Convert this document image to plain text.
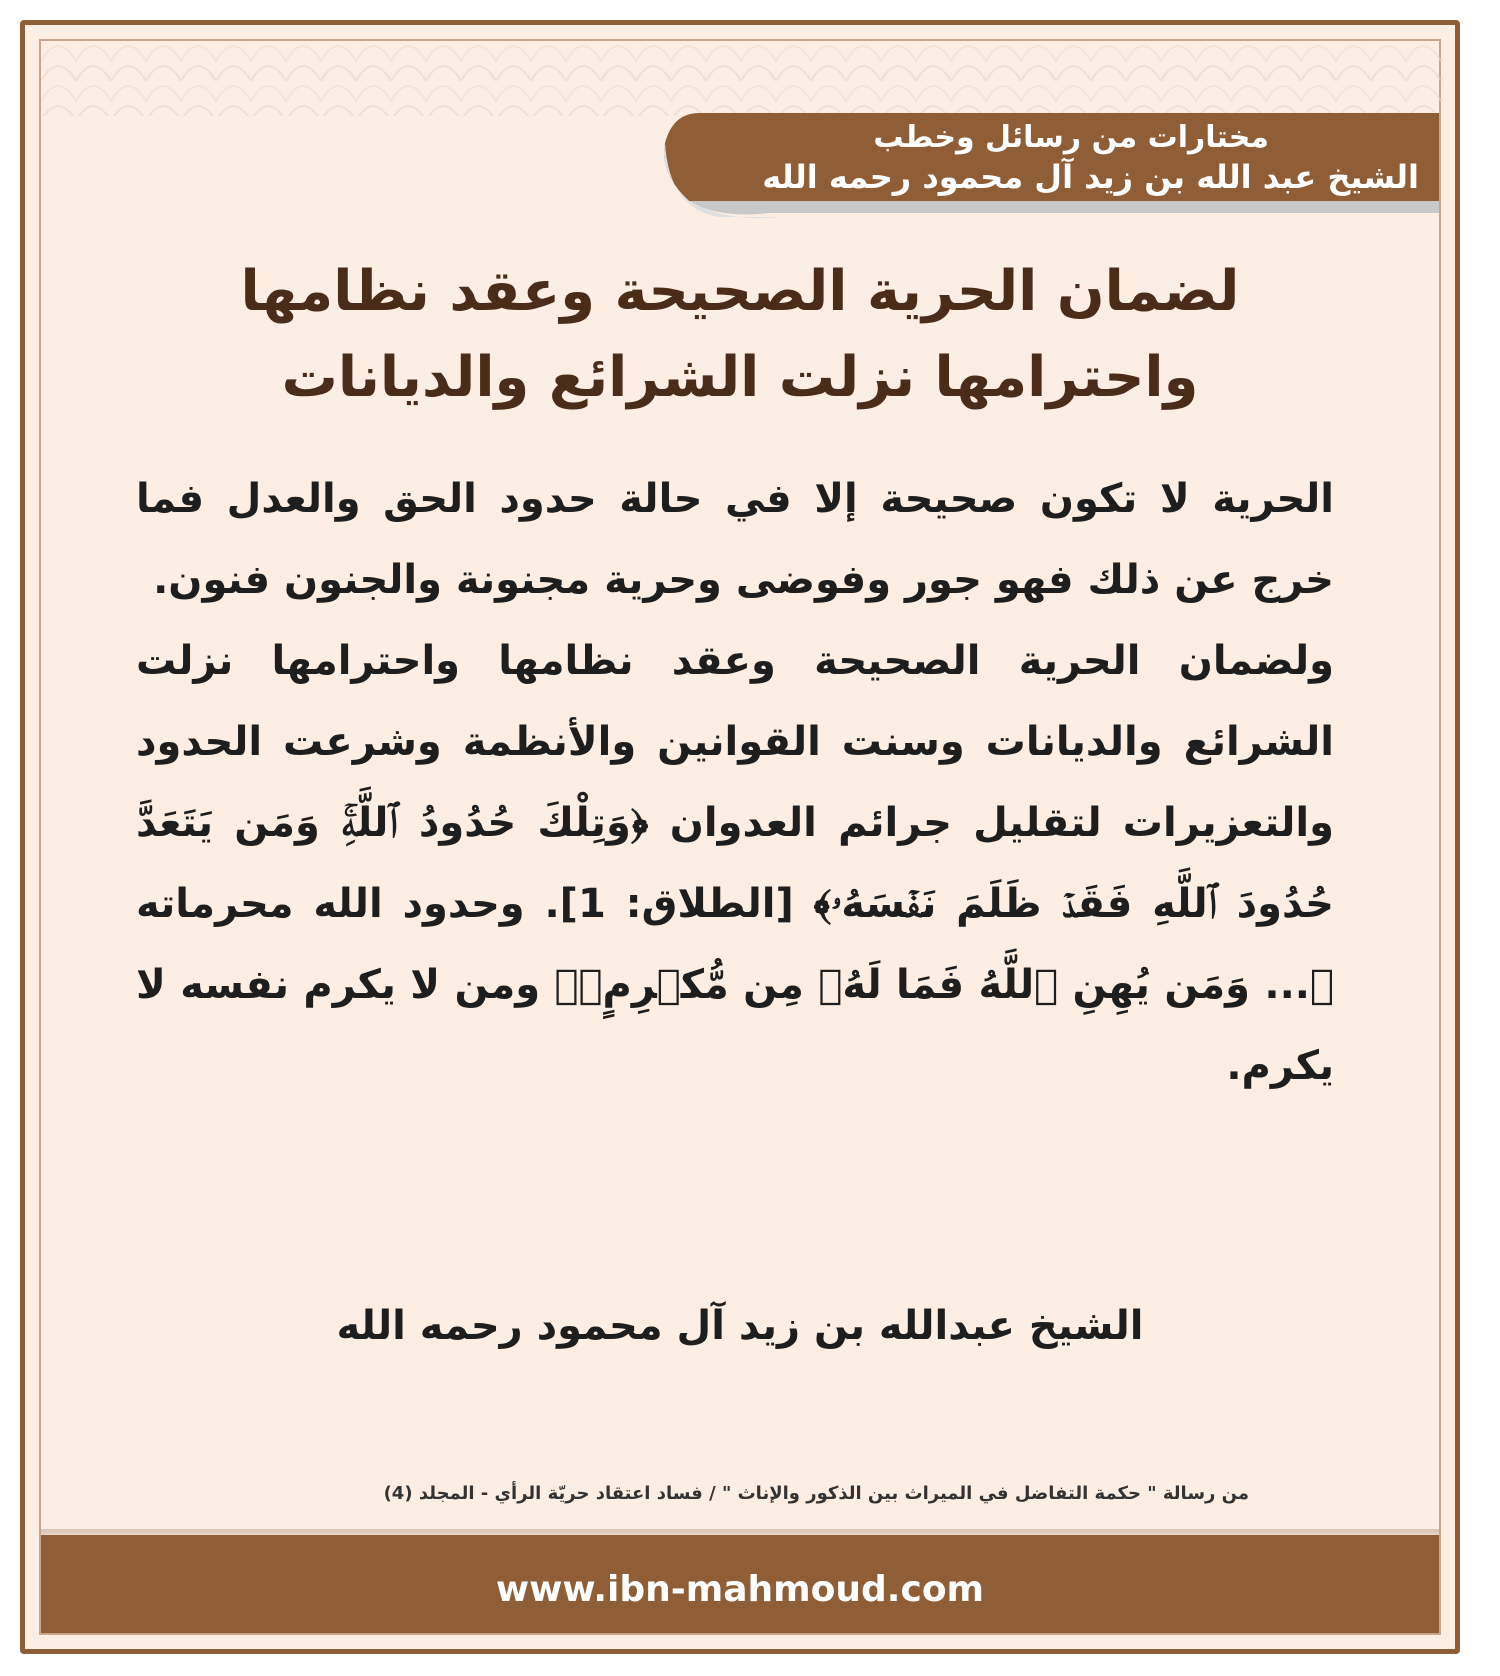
مختارات من رسائل وخطب
الشيخ عبد الله بن زيد آل محمود رحمه الله
لضمان الحرية الصحيحة وعقد نظامها
واحترامها نزلت الشرائع والديانات

الحرية لا تكون صحيحة إلا في حالة حدود الحق والعدل فما خرج عن ذلك فهو جور وفوضى وحرية مجنونة والجنون فنون.

ولضمان الحرية الصحيحة وعقد نظامها واحترامها نزلت الشرائع والديانات وسنت القوانين والأنظمة وشرعت الحدود والتعزيرات لتقليل جرائم العدوان ﴿وَتِلْكَ حُدُودُ ٱللَّهِۚ وَمَن يَتَعَدَّ حُدُودَ ٱللَّهِ فَقَدۡ ظَلَمَ نَفۡسَهُۥ﴾ [الطلاق: 1]. وحدود الله محرماته ﴿... وَمَن يُهِنِ ٱللَّهُ فَمَا لَهُۥ مِن مُّكۡرِمٍۚ﴾ ومن لا يكرم نفسه لا يكرم.

الشيخ عبدالله بن زيد آل محمود رحمه الله
من رسالة " حكمة التفاضل في الميراث بين الذكور والإناث " / فساد اعتقاد حريّة الرأي - المجلد (4)
www.ibn-mahmoud.com
